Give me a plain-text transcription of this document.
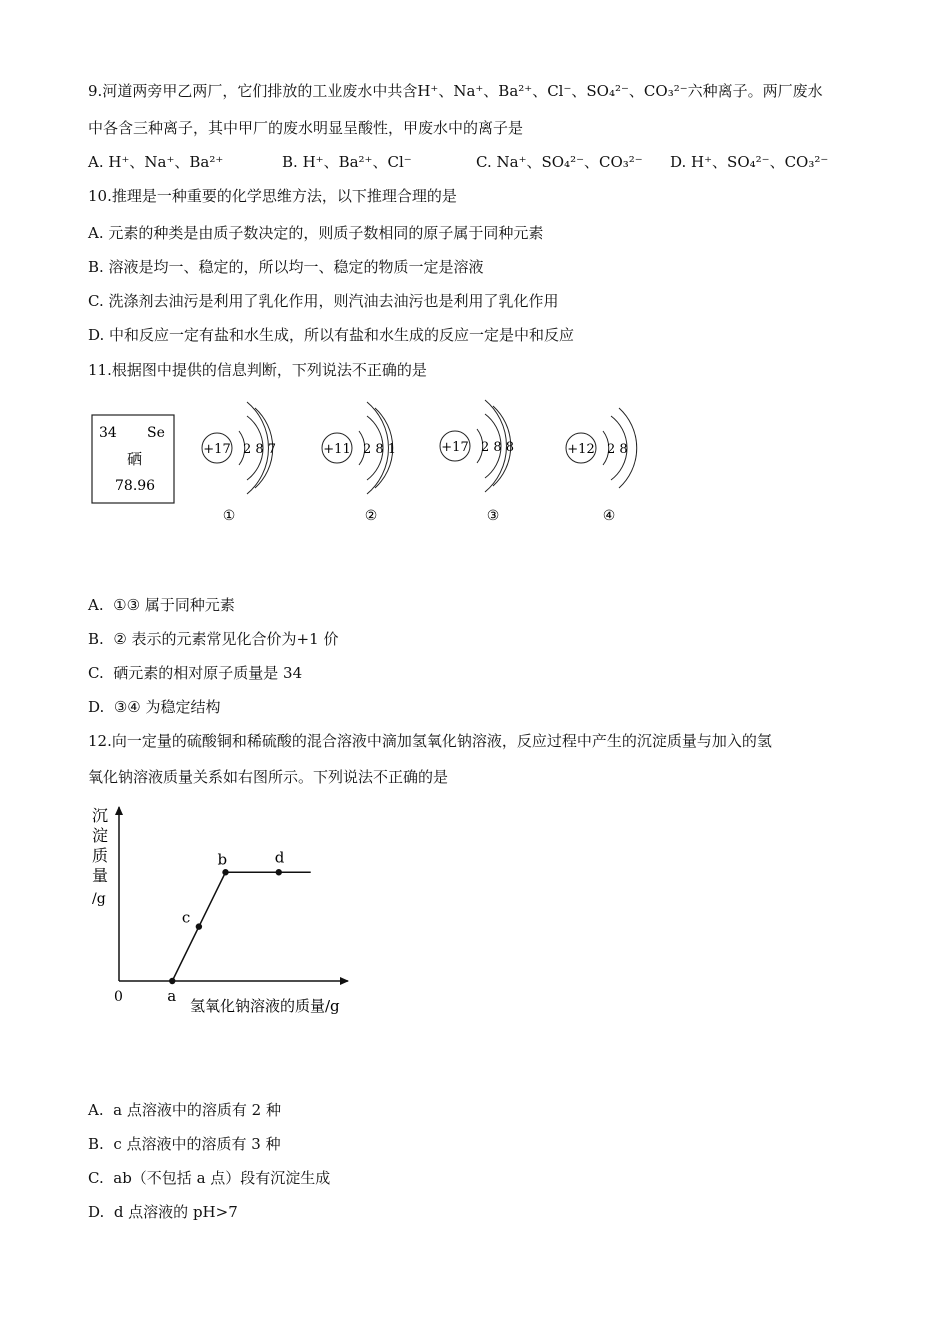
9.河道两旁甲乙两厂，它们排放的工业废水中共含H⁺、Na⁺、Ba²⁺、Cl⁻、SO₄²⁻、CO₃²⁻六种离子。两厂废水
中各含三种离子，其中甲厂的废水明显呈酸性，甲废水中的离子是
A. H⁺、Na⁺、Ba²⁺	B. H⁺、Ba²⁺、Cl⁻	C. Na⁺、SO₄²⁻、CO₃²⁻ D. H⁺、SO₄²⁻、CO₃²⁻
10.推理是一种重要的化学思维方法，以下推理合理的是
A. 元素的种类是由质子数决定的，则质子数相同的原子属于同种元素
B. 溶液是均一、稳定的，所以均一、稳定的物质一定是溶液
C. 洗涤剂去油污是利用了乳化作用，则汽油去油污也是利用了乳化作用
D. 中和反应一定有盐和水生成，所以有盐和水生成的反应一定是中和反应
11.根据图中提供的信息判断，下列说法不正确的是
34 Se
硒
78.96
+17 2 8 7
①
+11 2 8 1
②
+17 2 8 8
③
+12 2 8
④
A. ①③ 属于同种元素
B. ② 表示的元素常见化合价为+1 价
C. 硒元素的相对原子质量是 34
D. ③④ 为稳定结构
12.向一定量的硫酸铜和稀硫酸的混合溶液中滴加氢氧化钠溶液，反应过程中产生的沉淀质量与加入的氢
氧化钠溶液质量关系如右图所示。下列说法不正确的是
沉
淀
质
量
/g
0	氢氧化钠溶液的质量/g
a
c
b	d
A. a 点溶液中的溶质有 2 种
B. c 点溶液中的溶质有 3 种
C. ab（不包括 a 点）段有沉淀生成
D. d 点溶液的 pH>7
